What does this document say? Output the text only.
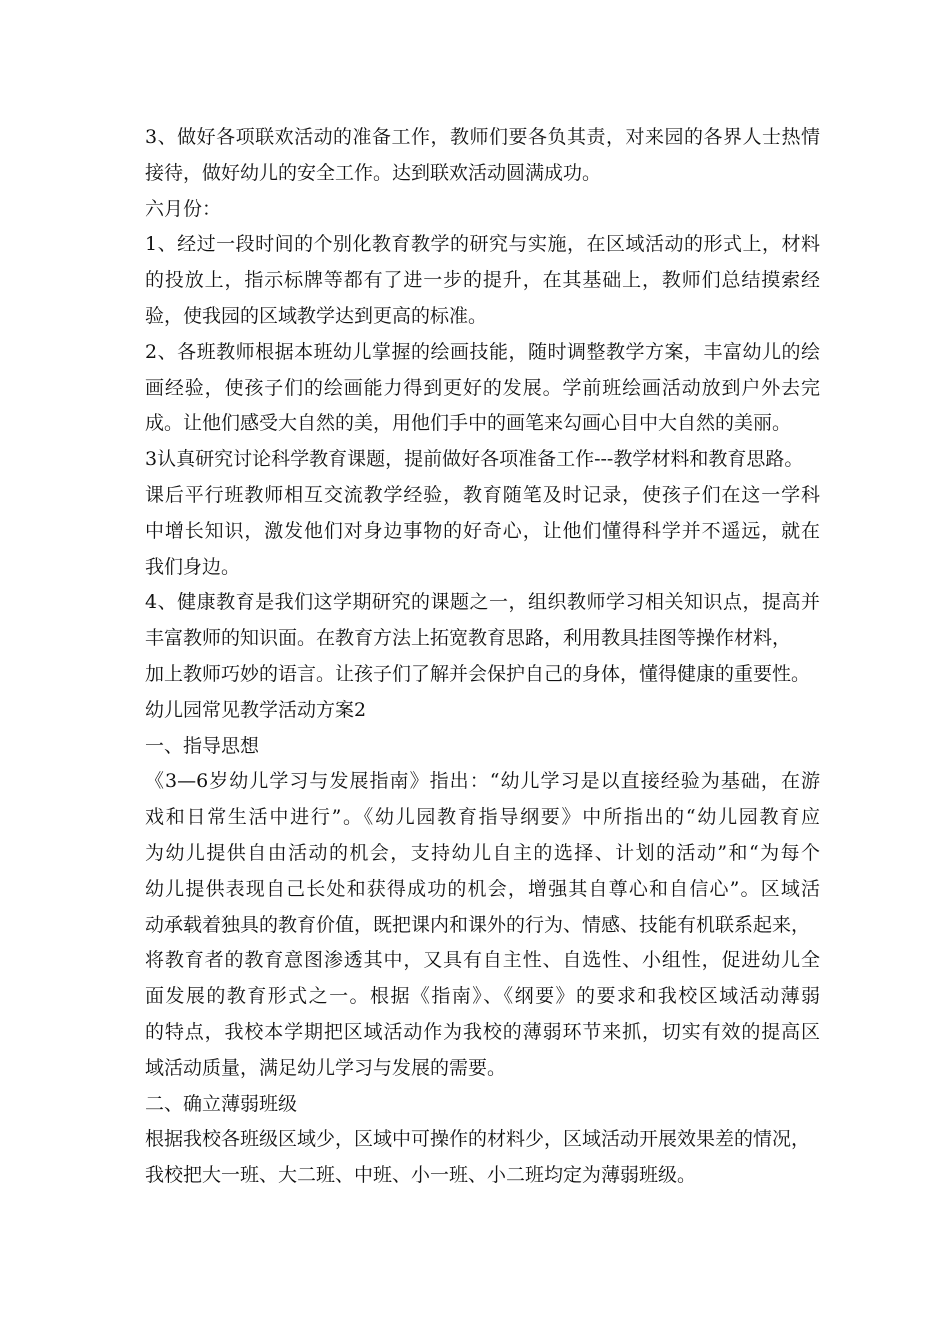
3、做好各项联欢活动的准备工作，教师们要各负其责，对来园的各界人士热情
接待，做好幼儿的安全工作。达到联欢活动圆满成功。
六月份：
1、经过一段时间的个别化教育教学的研究与实施，在区域活动的形式上，材料
的投放上，指示标牌等都有了进一步的提升，在其基础上，教师们总结摸索经
验，使我园的区域教学达到更高的标准。
2、各班教师根据本班幼儿掌握的绘画技能，随时调整教学方案，丰富幼儿的绘
画经验，使孩子们的绘画能力得到更好的发展。学前班绘画活动放到户外去完
成。让他们感受大自然的美，用他们手中的画笔来勾画心目中大自然的美丽。
3认真研究讨论科学教育课题，提前做好各项准备工作---教学材料和教育思路。
课后平行班教师相互交流教学经验，教育随笔及时记录，使孩子们在这一学科
中增长知识，激发他们对身边事物的好奇心，让他们懂得科学并不遥远，就在
我们身边。
4、健康教育是我们这学期研究的课题之一，组织教师学习相关知识点，提高并
丰富教师的知识面。在教育方法上拓宽教育思路，利用教具挂图等操作材料，
加上教师巧妙的语言。让孩子们了解并会保护自己的身体，懂得健康的重要性。
幼儿园常见教学活动方案2
一、指导思想
《3—6岁幼儿学习与发展指南》指出：“幼儿学习是以直接经验为基础，在游
戏和日常生活中进行”。《幼儿园教育指导纲要》中所指出的“幼儿园教育应
为幼儿提供自由活动的机会，支持幼儿自主的选择、计划的活动”和“为每个
幼儿提供表现自己长处和获得成功的机会，增强其自尊心和自信心”。区域活
动承载着独具的教育价值，既把课内和课外的行为、情感、技能有机联系起来，
将教育者的教育意图渗透其中，又具有自主性、自选性、小组性，促进幼儿全
面发展的教育形式之一。根据《指南》、《纲要》的要求和我校区域活动薄弱
的特点，我校本学期把区域活动作为我校的薄弱环节来抓，切实有效的提高区
域活动质量，满足幼儿学习与发展的需要。
二、确立薄弱班级
根据我校各班级区域少，区域中可操作的材料少，区域活动开展效果差的情况，
我校把大一班、大二班、中班、小一班、小二班均定为薄弱班级。
